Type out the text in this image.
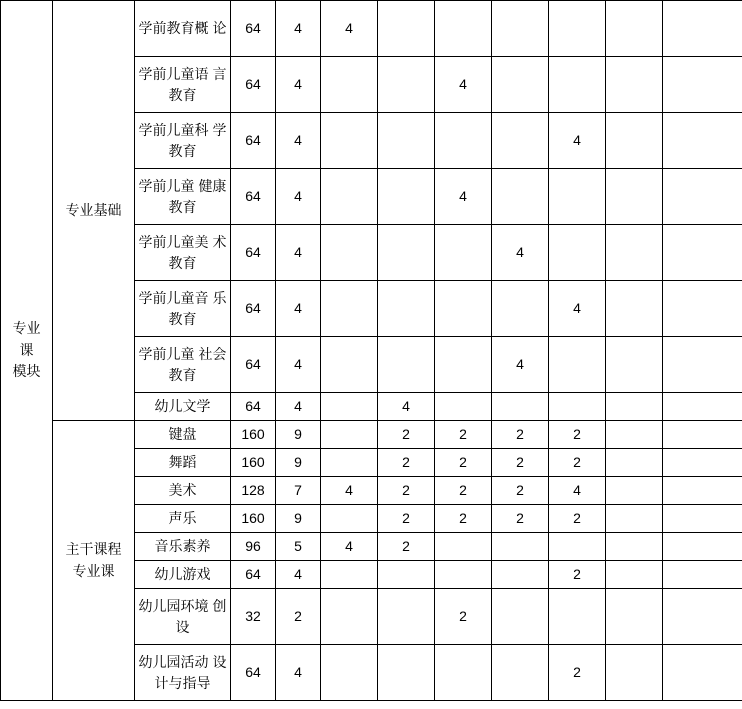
专业
课
模块	专业基础	学前教育概 论	64	4	4						
		学前儿童语 言教育	64	4			4				
		学前儿童科 学教育	64	4					4		
		学前儿童 健康教育	64	4			4				
		学前儿童美 术教育	64	4				4			
		学前儿童音 乐教育	64	4					4		
		学前儿童 社会教育	64	4				4			
		幼儿文学	64	4		4					

	主干课程
专业课	键盘	160	9		2	2	2	2		
		舞蹈	160	9		2	2	2	2		
		美术	128	7	4	2	2	2	4		
		声乐	160	9		2	2	2	2		
		音乐素养	96	5	4	2					
		幼儿游戏	64	4					2		
		幼儿园环境 创设	32	2			2				
		幼儿园活动 设计与指导	64	4					2		
